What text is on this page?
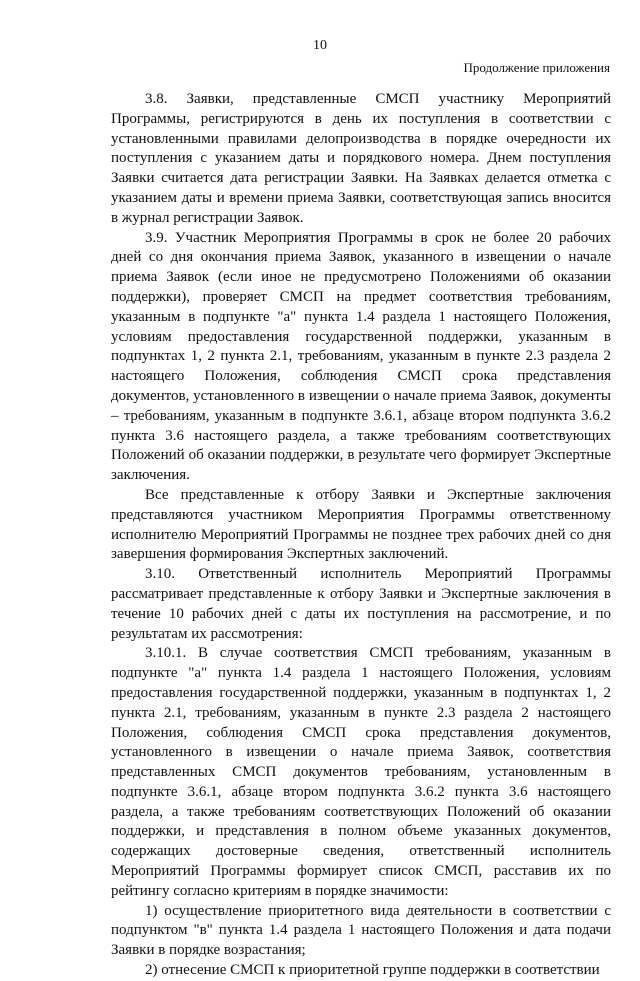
10
Продолжение приложения

3.8. Заявки, представленные СМСП участнику Мероприятий Программы, регистрируются в день их поступления в соответствии с установленными правилами делопроизводства в порядке очередности их поступления с указанием даты и порядкового номера. Днем поступления Заявки считается дата регистрации Заявки. На Заявках делается отметка с указанием даты и времени приема Заявки, соответствующая запись вносится в журнал регистрации Заявок.

3.9. Участник Мероприятия Программы в срок не более 20 рабочих дней со дня окончания приема Заявок, указанного в извещении о начале приема Заявок (если иное не предусмотрено Положениями об оказании поддержки), проверяет СМСП на предмет соответствия требованиям, указанным в подпункте "а" пункта 1.4 раздела 1 настоящего Положения, условиям предоставления государственной поддержки, указанным в подпунктах 1, 2 пункта 2.1, требованиям, указанным в пункте 2.3 раздела 2 настоящего Положения, соблюдения СМСП срока представления документов, установленного в извещении о начале приема Заявок, документы – требованиям, указанным в подпункте 3.6.1, абзаце втором подпункта 3.6.2 пункта 3.6 настоящего раздела, а также требованиям соответствующих Положений об оказании поддержки, в результате чего формирует Экспертные заключения.

Все представленные к отбору Заявки и Экспертные заключения представляются участником Мероприятия Программы ответственному исполнителю Мероприятий Программы не позднее трех рабочих дней со дня завершения формирования Экспертных заключений.

3.10. Ответственный исполнитель Мероприятий Программы рассматривает представленные к отбору Заявки и Экспертные заключения в течение 10 рабочих дней с даты их поступления на рассмотрение, и по результатам их рассмотрения:

3.10.1. В случае соответствия СМСП требованиям, указанным в подпункте "а" пункта 1.4 раздела 1 настоящего Положения, условиям предоставления государственной поддержки, указанным в подпунктах 1, 2 пункта 2.1, требованиям, указанным в пункте 2.3 раздела 2 настоящего Положения, соблюдения СМСП срока представления документов, установленного в извещении о начале приема Заявок, соответствия представленных СМСП документов требованиям, установленным в подпункте 3.6.1, абзаце втором подпункта 3.6.2 пункта 3.6 настоящего раздела, а также требованиям соответствующих Положений об оказании поддержки, и представления в полном объеме указанных документов, содержащих достоверные сведения, ответственный исполнитель Мероприятий Программы формирует список СМСП, расставив их по рейтингу согласно критериям в порядке значимости:

1) осуществление приоритетного вида деятельности в соответствии с подпунктом "в" пункта 1.4 раздела 1 настоящего Положения и дата подачи Заявки в порядке возрастания;

2) отнесение СМСП к приоритетной группе поддержки в соответствии
